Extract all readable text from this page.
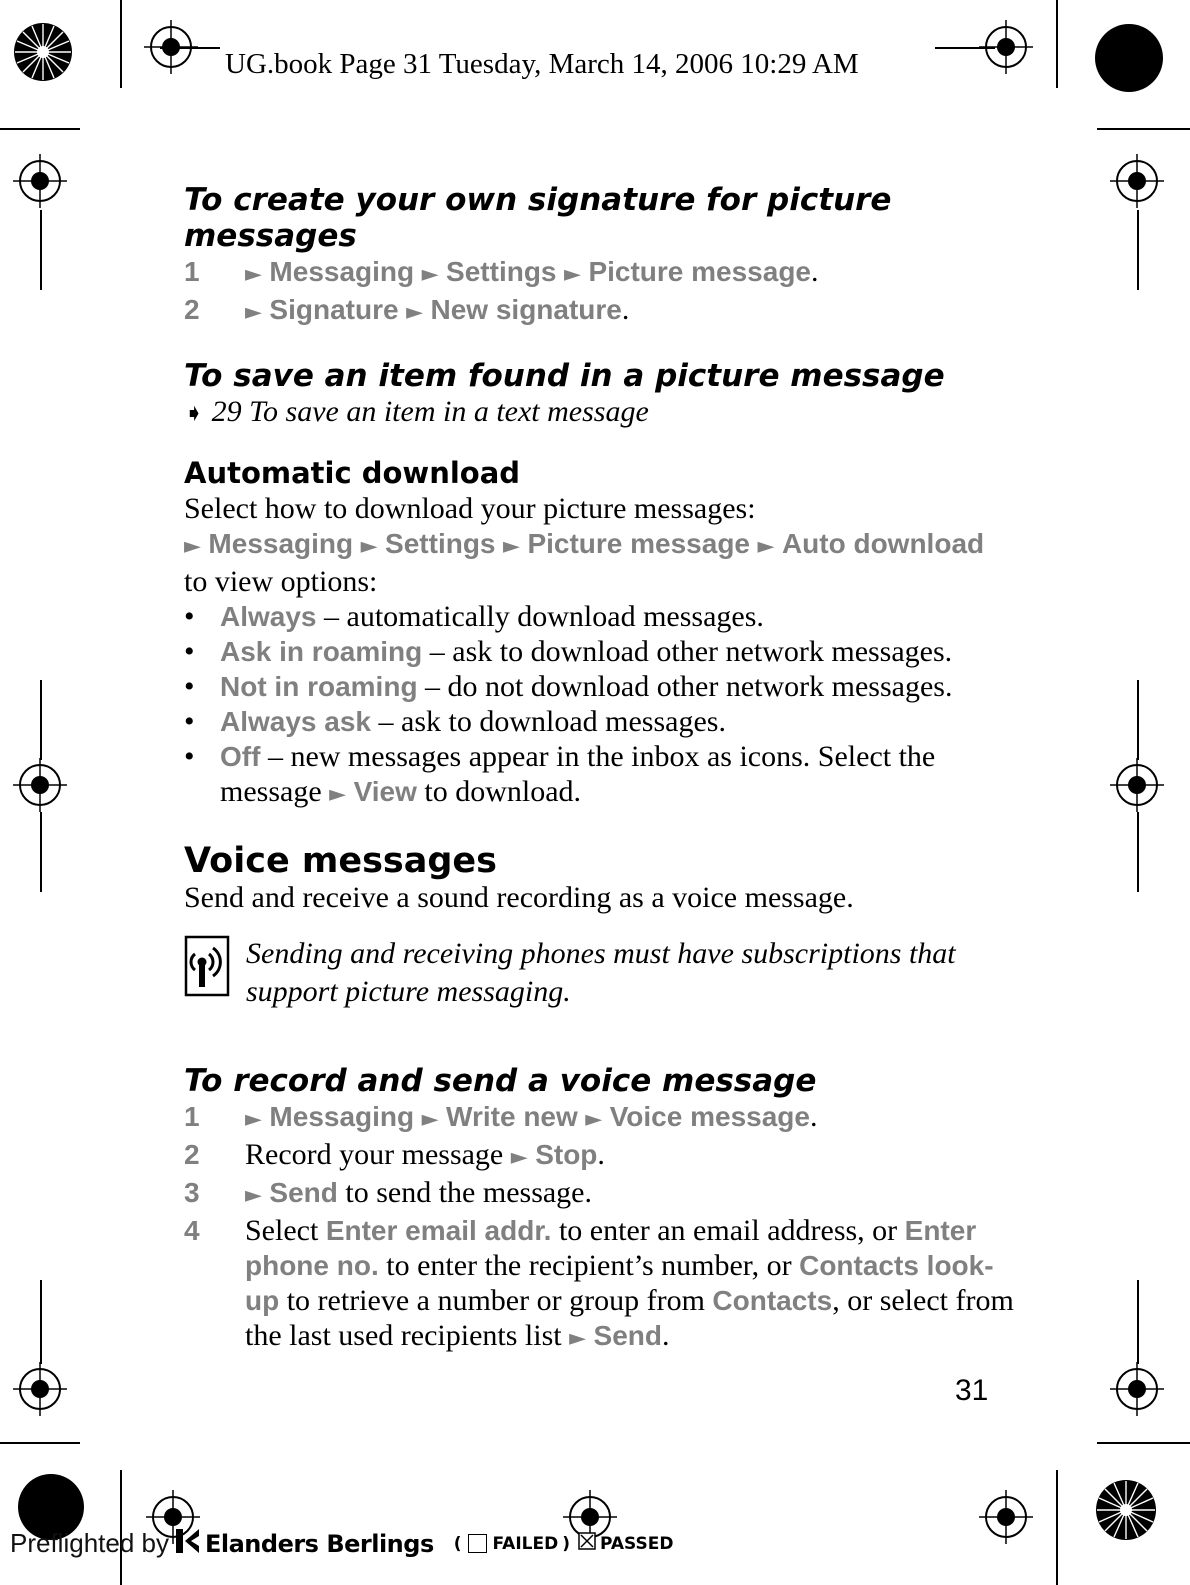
UG.book Page 31 Tuesday, March 14, 2006 10:29 AM
To create your own signature for picture messages
1	► Messaging ► Settings ► Picture message.
2	► Signature ► New signature.
To save an item found in a picture message

➧ 29 To save an item in a text message

Automatic download

Select how to download your picture messages:

► Messaging ► Settings ► Picture message ► Auto download

to view options:

• Always – automatically download messages.
• Ask in roaming – ask to download other network messages.
• Not in roaming – do not download other network messages.
• Always ask – ask to download messages.
• Off – new messages appear in the inbox as icons. Select the message ► View to download.
Voice messages

Send and receive a sound recording as a voice message.

Sending and receiving phones must have subscriptions that support picture messaging.
To record and send a voice message
1	► Messaging ► Write new ► Voice message.
2	Record your message ► Stop.
3	► Send to send the message.
4	Select Enter email addr. to enter an email address, or Enter phone no. to enter the recipient’s number, or Contacts look-up to retrieve a number or group from Contacts, or select from the last used recipients list ► Send.
31
Preflighted by Elanders Berlings ( FAILED ) PASSED
